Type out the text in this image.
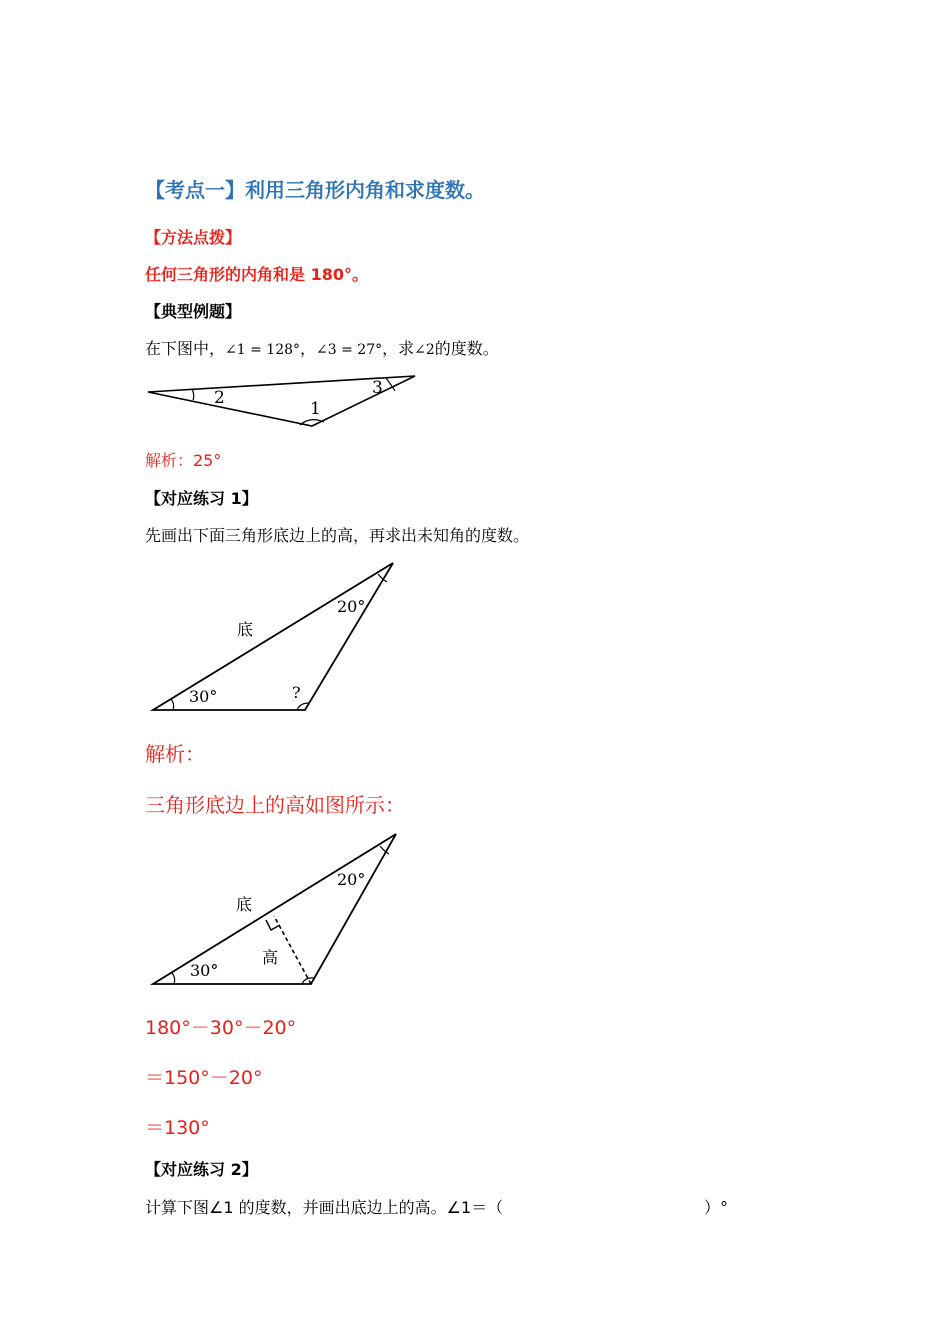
【考点一】利用三角形内角和求度数。
【方法点拨】
任何三角形的内角和是 180°。
【典型例题】
在下图中，∠1 = 128°，∠3 = 27°，求∠2的度数。
2
1
3
解析：25°
【对应练习 1】
先画出下面三角形底边上的高，再求出未知角的度数。
底
20°
30°	?
解析：
三角形底边上的高如图所示：
底
高
20°
30°
180°－30°－20°
＝150°－20°
＝130°
【对应练习 2】
计算下图∠1 的度数，并画出底边上的高。∠1＝（	）°
